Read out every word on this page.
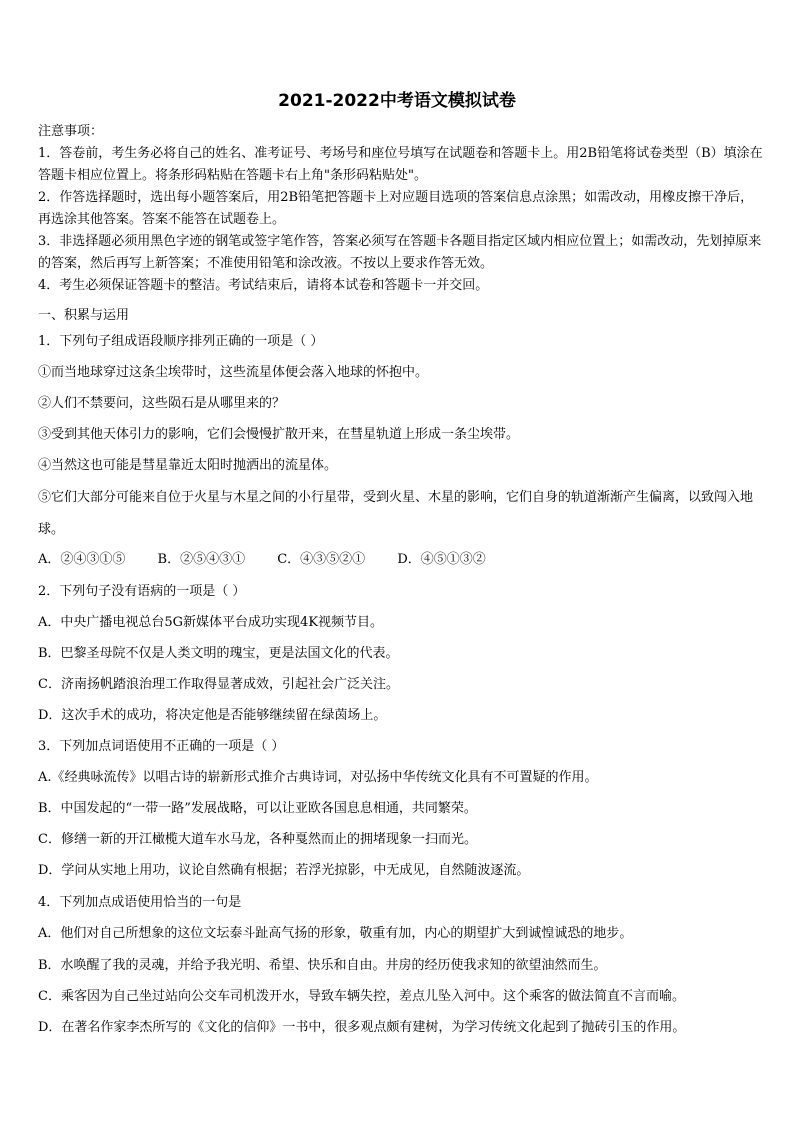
2021-2022中考语文模拟试卷

注意事项：

1．答卷前，考生务必将自己的姓名、准考证号、考场号和座位号填写在试题卷和答题卡上。用2B铅笔将试卷类型（B）填涂在答题卡相应位置上。将条形码粘贴在答题卡右上角"条形码粘贴处"。

2．作答选择题时，选出每小题答案后，用2B铅笔把答题卡上对应题目选项的答案信息点涂黑；如需改动，用橡皮擦干净后，再选涂其他答案。答案不能答在试题卷上。

3．非选择题必须用黑色字迹的钢笔或签字笔作答，答案必须写在答题卡各题目指定区域内相应位置上；如需改动，先划掉原来的答案，然后再写上新答案；不准使用铅笔和涂改液。不按以上要求作答无效。

4．考生必须保证答题卡的整洁。考试结束后，请将本试卷和答题卡一并交回。

一、积累与运用
1．下列句子组成语段顺序排列正确的一项是（ ）
①而当地球穿过这条尘埃带时，这些流星体便会落入地球的怀抱中。
②人们不禁要问，这些陨石是从哪里来的？
③受到其他天体引力的影响，它们会慢慢扩散开来，在彗星轨道上形成一条尘埃带。
④当然这也可能是彗星靠近太阳时抛洒出的流星体。
⑤它们大部分可能来自位于火星与木星之间的小行星带，受到火星、木星的影响，它们自身的轨道渐渐产生偏离，以致闯入地球。
A．②④③①⑤ B．②⑤④③① C．④③⑤②① D．④⑤①③②
2．下列句子没有语病的一项是（ ）
A．中央广播电视总台5G新媒体平台成功实现4K视频节目。
B．巴黎圣母院不仅是人类文明的瑰宝，更是法国文化的代表。
C．济南扬帆踏浪治理工作取得显著成效，引起社会广泛关注。
D．这次手术的成功，将决定他是否能够继续留在绿茵场上。
3．下列加点词语使用不正确的一项是（ ）
A.《经典咏流传》以唱古诗的崭新形式推介古典诗词，对弘扬中华传统文化具有不可置疑的作用。
B．中国发起的“一带一路”发展战略，可以让亚欧各国息息相通，共同繁荣。
C．修缮一新的开江橄榄大道车水马龙，各种戛然而止的拥堵现象一扫而光。
D．学问从实地上用功，议论自然确有根据；若浮光掠影，中无成见，自然随波逐流。
4．下列加点成语使用恰当的一句是
A．他们对自己所想象的这位文坛泰斗趾高气扬的形象，敬重有加，内心的期望扩大到诚惶诚恐的地步。
B．水唤醒了我的灵魂，并给予我光明、希望、快乐和自由。井房的经历使我求知的欲望油然而生。
C．乘客因为自己坐过站向公交车司机泼开水，导致车辆失控，差点儿坠入河中。这个乘客的做法简直不言而喻。
D．在著名作家李杰所写的《文化的信仰》一书中，很多观点颇有建树，为学习传统文化起到了抛砖引玉的作用。
